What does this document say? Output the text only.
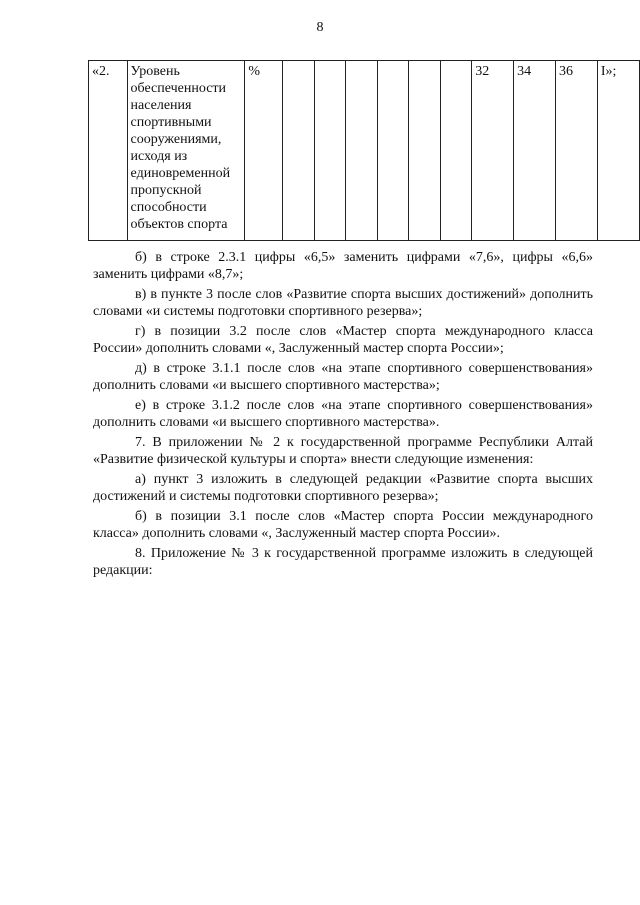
8
«2.	Уровень обеспеченности населения спортивными сооружениями, исходя из единовременной пропускной способности объектов спорта	%							32	34	36	I»;

б) в строке 2.3.1 цифры «6,5» заменить цифрами «7,6», цифры «6,6» заменить цифрами «8,7»;

в) в пункте 3 после слов «Развитие спорта высших достижений» дополнить словами «и системы подготовки спортивного резерва»;

г) в позиции 3.2 после слов «Мастер спорта международного класса России» дополнить словами «, Заслуженный мастер спорта России»;

д) в строке 3.1.1 после слов «на этапе спортивного совершенствования» дополнить словами «и высшего спортивного мастерства»;

е) в строке 3.1.2 после слов «на этапе спортивного совершенствования» дополнить словами «и высшего спортивного мастерства».

7. В приложении № 2 к государственной программе Республики Алтай «Развитие физической культуры и спорта» внести следующие изменения:

а) пункт 3 изложить в следующей редакции «Развитие спорта высших достижений и системы подготовки спортивного резерва»;

б) в позиции 3.1 после слов «Мастер спорта России международного класса» дополнить словами «, Заслуженный мастер спорта России».

8. Приложение № 3 к государственной программе изложить в следующей редакции:
